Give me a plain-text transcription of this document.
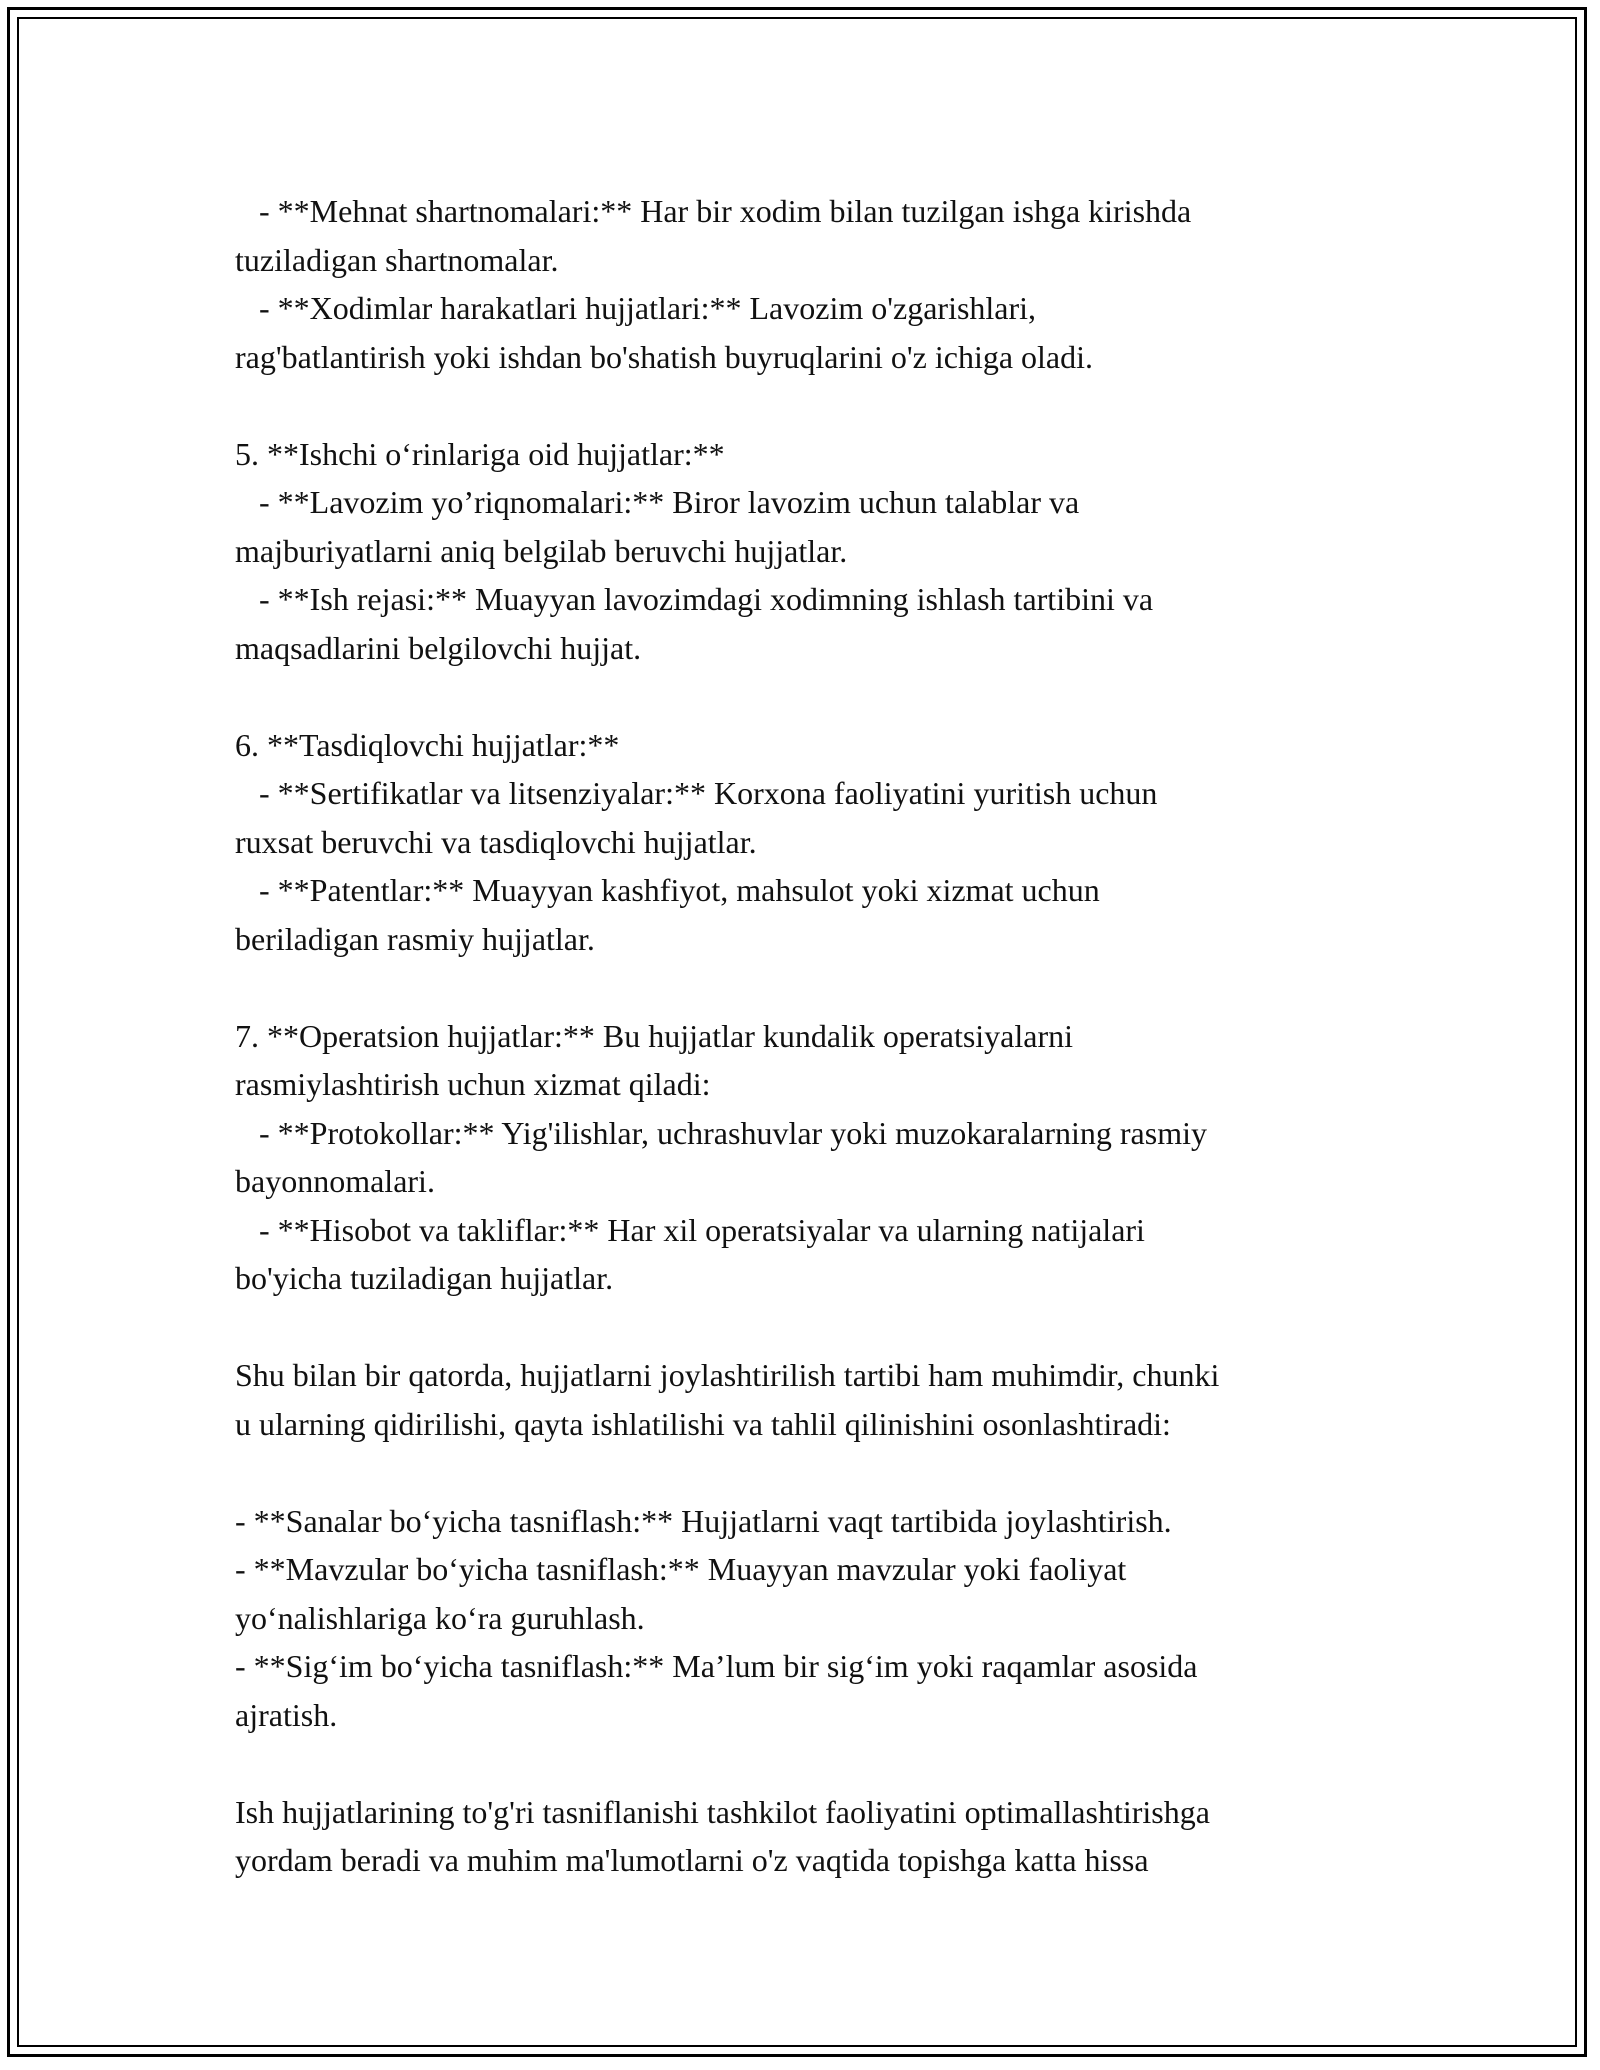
- **Mehnat shartnomalari:** Har bir xodim bilan tuzilgan ishga kirishda
tuziladigan shartnomalar.
- **Xodimlar harakatlari hujjatlari:** Lavozim o'zgarishlari,
rag'batlantirish yoki ishdan bo'shatish buyruqlarini o'z ichiga oladi.
5. **Ishchi o‘rinlariga oid hujjatlar:**
- **Lavozim yo’riqnomalari:** Biror lavozim uchun talablar va
majburiyatlarni aniq belgilab beruvchi hujjatlar.
- **Ish rejasi:** Muayyan lavozimdagi xodimning ishlash tartibini va
maqsadlarini belgilovchi hujjat.
6. **Tasdiqlovchi hujjatlar:**
- **Sertifikatlar va litsenziyalar:** Korxona faoliyatini yuritish uchun
ruxsat beruvchi va tasdiqlovchi hujjatlar.
- **Patentlar:** Muayyan kashfiyot, mahsulot yoki xizmat uchun
beriladigan rasmiy hujjatlar.
7. **Operatsion hujjatlar:** Bu hujjatlar kundalik operatsiyalarni
rasmiylashtirish uchun xizmat qiladi:
- **Protokollar:** Yig'ilishlar, uchrashuvlar yoki muzokaralarning rasmiy
bayonnomalari.
- **Hisobot va takliflar:** Har xil operatsiyalar va ularning natijalari
bo'yicha tuziladigan hujjatlar.
Shu bilan bir qatorda, hujjatlarni joylashtirilish tartibi ham muhimdir, chunki
u ularning qidirilishi, qayta ishlatilishi va tahlil qilinishini osonlashtiradi:
- **Sanalar bo‘yicha tasniflash:** Hujjatlarni vaqt tartibida joylashtirish.
- **Mavzular bo‘yicha tasniflash:** Muayyan mavzular yoki faoliyat
yo‘nalishlariga ko‘ra guruhlash.
- **Sig‘im bo‘yicha tasniflash:** Ma’lum bir sig‘im yoki raqamlar asosida
ajratish.
Ish hujjatlarining to'g'ri tasniflanishi tashkilot faoliyatini optimallashtirishga
yordam beradi va muhim ma'lumotlarni o'z vaqtida topishga katta hissa
